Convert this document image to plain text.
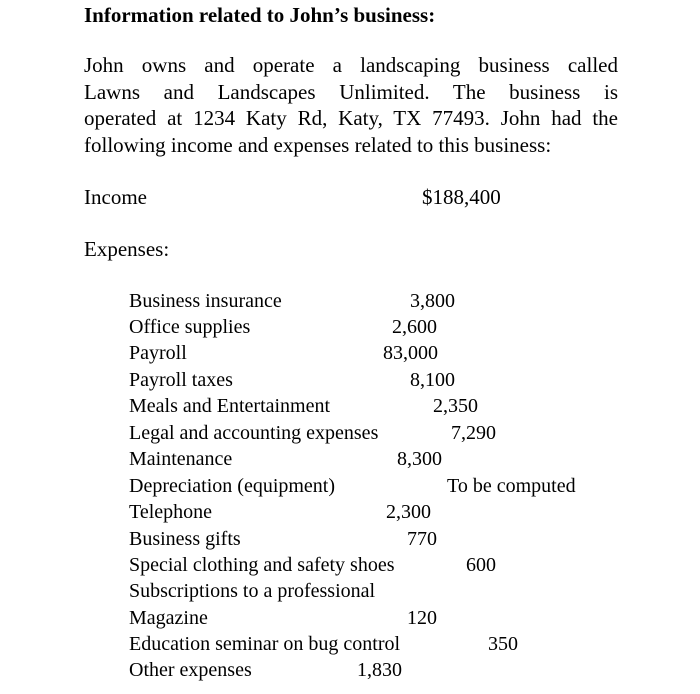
Information related to John’s business:
John owns and operate a landscaping business called
Lawns and Landscapes Unlimited. The business is
operated at 1234 Katy Rd, Katy, TX 77493. John had the
following income and expenses related to this business:
Income	$188,400
Expenses:
Business insurance	3,800
Office supplies	2,600
Payroll	83,000
Payroll taxes	8,100
Meals and Entertainment	2,350
Legal and accounting expenses	7,290
Maintenance	8,300
Depreciation (equipment)	To be computed
Telephone	2,300
Business gifts	770
Special clothing and safety shoes	600
Subscriptions to a professional
Magazine	120
Education seminar on bug control	350
Other expenses	1,830
